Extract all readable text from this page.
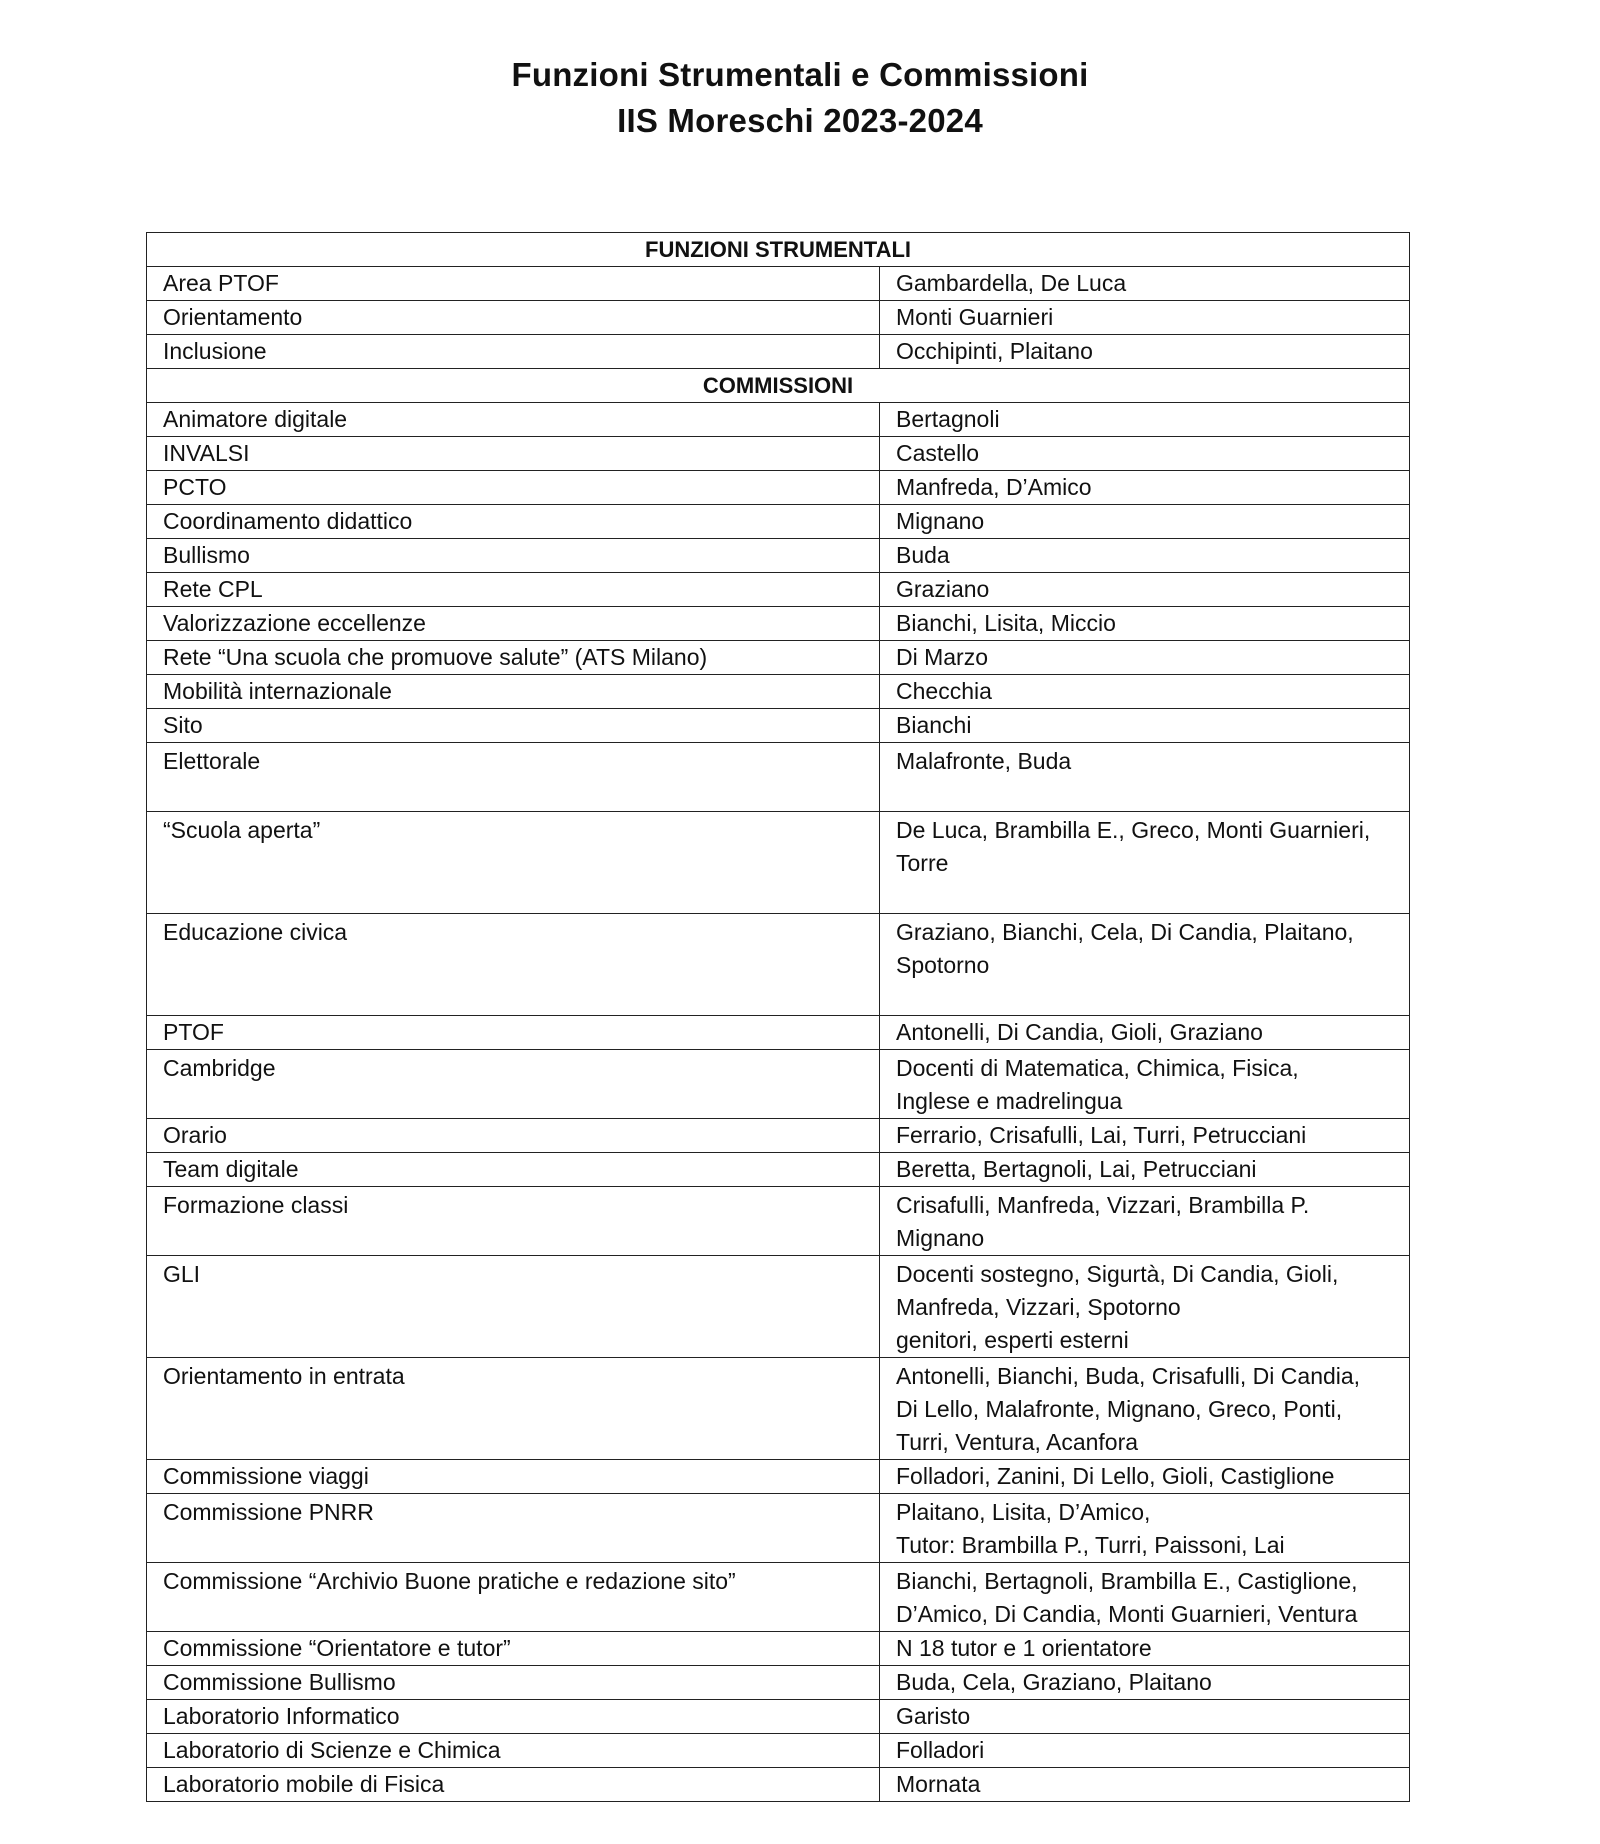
Funzioni Strumentali e Commissioni
IIS Moreschi 2023-2024
FUNZIONI STRUMENTALI	
Area PTOF	Gambardella, De Luca
Orientamento	Monti Guarnieri
Inclusione	Occhipinti, Plaitano
COMMISSIONI	
Animatore digitale	Bertagnoli
INVALSI	Castello
PCTO	Manfreda, D’Amico
Coordinamento didattico	Mignano
Bullismo	Buda
Rete CPL	Graziano
Valorizzazione eccellenze	Bianchi, Lisita, Miccio
Rete “Una scuola che promuove salute” (ATS Milano)	Di Marzo
Mobilità internazionale	Checchia
Sito	Bianchi
Elettorale	Malafronte, Buda
“Scuola aperta”	De Luca, Brambilla E., Greco, Monti Guarnieri,
Torre
Educazione civica	Graziano, Bianchi, Cela, Di Candia, Plaitano,
Spotorno
PTOF	Antonelli, Di Candia, Gioli, Graziano
Cambridge	Docenti di Matematica, Chimica, Fisica,
Inglese e madrelingua
Orario	Ferrario, Crisafulli, Lai, Turri, Petrucciani
Team digitale	Beretta, Bertagnoli, Lai, Petrucciani
Formazione classi	Crisafulli, Manfreda, Vizzari, Brambilla P.
Mignano
GLI	Docenti sostegno, Sigurtà, Di Candia, Gioli,
Manfreda, Vizzari, Spotorno
genitori, esperti esterni
Orientamento in entrata	Antonelli, Bianchi, Buda, Crisafulli, Di Candia,
Di Lello, Malafronte, Mignano, Greco, Ponti,
Turri, Ventura, Acanfora
Commissione viaggi	Folladori, Zanini, Di Lello, Gioli, Castiglione
Commissione PNRR	Plaitano, Lisita, D’Amico,
Tutor: Brambilla P., Turri, Paissoni, Lai
Commissione “Archivio Buone pratiche e redazione sito”	Bianchi, Bertagnoli, Brambilla E., Castiglione,
D’Amico, Di Candia, Monti Guarnieri, Ventura
Commissione “Orientatore e tutor”	N 18 tutor e 1 orientatore
Commissione Bullismo	Buda, Cela, Graziano, Plaitano
Laboratorio Informatico	Garisto
Laboratorio di Scienze e Chimica	Folladori
Laboratorio mobile di Fisica	Mornata
